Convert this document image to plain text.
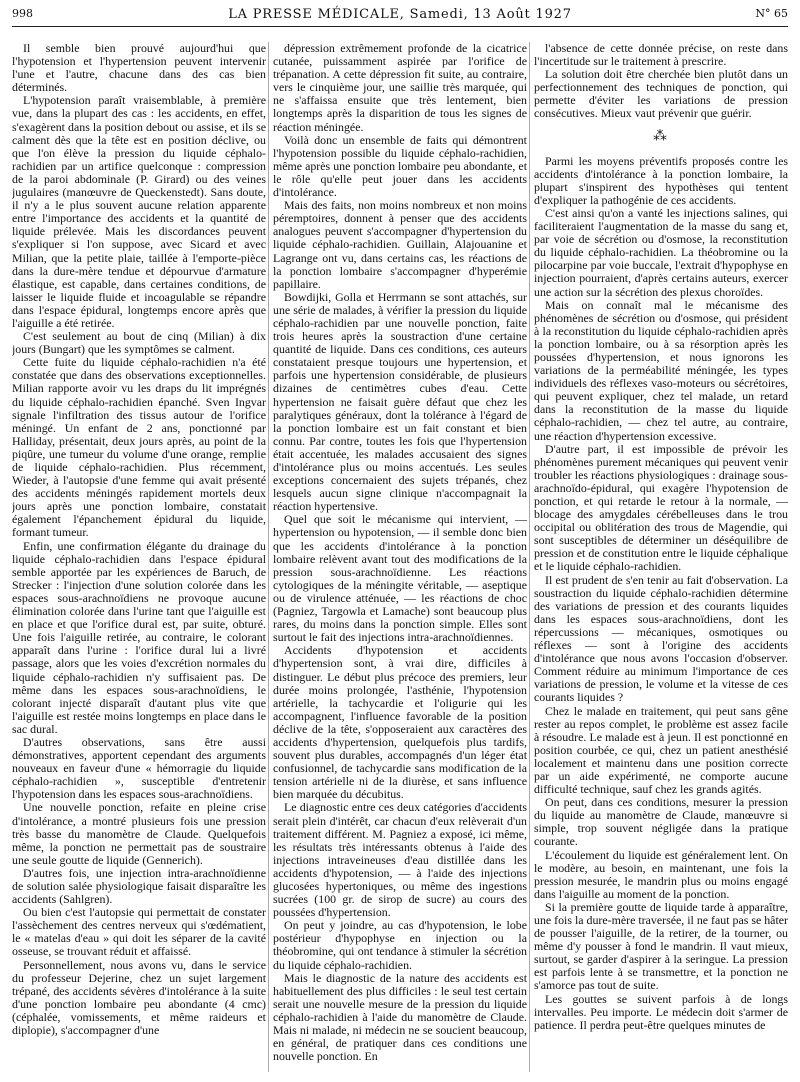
998	LA PRESSE MÉDICALE, Samedi, 13 Août 1927	N° 65

Il semble bien prouvé aujourd'hui que l'hypotension et l'hypertension peuvent intervenir l'une et l'autre, chacune dans des cas bien déterminés.

L'hypotension paraît vraisemblable, à première vue, dans la plupart des cas : les accidents, en effet, s'exagèrent dans la position debout ou assise, et ils se calment dès que la tête est en position déclive, ou que l'on élève la pression du liquide céphalo-rachidien par un artifice quelconque : compression de la paroi abdominale (P. Girard) ou des veines jugulaires (manœuvre de Queckenstedt). Sans doute, il n'y a le plus souvent aucune relation apparente entre l'importance des accidents et la quantité de liquide prélevée. Mais les discordances peuvent s'expliquer si l'on suppose, avec Sicard et avec Milian, que la petite plaie, taillée à l'emporte-pièce dans la dure-mère tendue et dépourvue d'armature élastique, est capable, dans certaines conditions, de laisser le liquide fluide et incoagulable se répandre dans l'espace épidural, longtemps encore après que l'aiguille a été retirée.

C'est seulement au bout de cinq (Milian) à dix jours (Bungart) que les symptômes se calment.

Cette fuite du liquide céphalo-rachidien n'a été constatée que dans des observations exceptionnelles. Milian rapporte avoir vu les draps du lit imprégnés du liquide céphalo-rachidien épanché. Sven Ingvar signale l'infiltration des tissus autour de l'orifice méningé. Un enfant de 2 ans, ponctionné par Halliday, présentait, deux jours après, au point de la piqûre, une tumeur du volume d'une orange, remplie de liquide céphalo-rachidien. Plus récemment, Wieder, à l'autopsie d'une femme qui avait présenté des accidents méningés rapidement mortels deux jours après une ponction lombaire, constatait également l'épanchement épidural du liquide, formant tumeur.

Enfin, une confirmation élégante du drainage du liquide céphalo-rachidien dans l'espace épidural semble apportée par les expériences de Baruch, de Strecker : l'injection d'une solution colorée dans les espaces sous-arachnoïdiens ne provoque aucune élimination colorée dans l'urine tant que l'aiguille est en place et que l'orifice dural est, par suite, obturé. Une fois l'aiguille retirée, au contraire, le colorant apparaît dans l'urine : l'orifice dural lui a livré passage, alors que les voies d'excrétion normales du liquide céphalo-rachidien n'y suffisaient pas. De même dans les espaces sous-arachnoïdiens, le colorant injecté disparaît d'autant plus vite que l'aiguille est restée moins longtemps en place dans le sac dural.

D'autres observations, sans être aussi démonstratives, apportent cependant des arguments nouveaux en faveur d'une « hémorragie du liquide céphalo-rachidien », susceptible d'entretenir l'hypotension dans les espaces sous-arachnoïdiens.

Une nouvelle ponction, refaite en pleine crise d'intolérance, a montré plusieurs fois une pression très basse du manomètre de Claude. Quelquefois même, la ponction ne permettait pas de soustraire une seule goutte de liquide (Gennerich).

D'autres fois, une injection intra-arachnoïdienne de solution salée physiologique faisait disparaître les accidents (Sahlgren).

Ou bien c'est l'autopsie qui permettait de constater l'assèchement des centres nerveux qui s'œdématient, le « matelas d'eau » qui doit les séparer de la cavité osseuse, se trouvant réduit et affaissé.

Personnellement, nous avons vu, dans le service du professeur Dejerine, chez un sujet largement trépané, des accidents sévères d'intolérance à la suite d'une ponction lombaire peu abondante (4 cmc) (céphalée, vomissements, et même raideurs et diplopie), s'accompagner d'une

dépression extrêmement profonde de la cicatrice cutanée, puissamment aspirée par l'orifice de trépanation. A cette dépression fit suite, au contraire, vers le cinquième jour, une saillie très marquée, qui ne s'affaissa ensuite que très lentement, bien longtemps après la disparition de tous les signes de réaction méningée.

Voilà donc un ensemble de faits qui démontrent l'hypotension possible du liquide céphalo-rachidien, même après une ponction lombaire peu abondante, et le rôle qu'elle peut jouer dans les accidents d'intolérance.

Mais des faits, non moins nombreux et non moins péremptoires, donnent à penser que des accidents analogues peuvent s'accompagner d'hypertension du liquide céphalo-rachidien. Guillain, Alajouanine et Lagrange ont vu, dans certains cas, les réactions de la ponction lombaire s'accompagner d'hyperémie papillaire.

Bowdijki, Golla et Herrmann se sont attachés, sur une série de malades, à vérifier la pression du liquide céphalo-rachidien par une nouvelle ponction, faite trois heures après la soustraction d'une certaine quantité de liquide. Dans ces conditions, ces auteurs constataient presque toujours une hypertension, et parfois une hypertension considérable, de plusieurs dizaines de centimètres cubes d'eau. Cette hypertension ne faisait guère défaut que chez les paralytiques généraux, dont la tolérance à l'égard de la ponction lombaire est un fait constant et bien connu. Par contre, toutes les fois que l'hypertension était accentuée, les malades accusaient des signes d'intolérance plus ou moins accentués. Les seules exceptions concernaient des sujets trépanés, chez lesquels aucun signe clinique n'accompagnait la réaction hypertensive.

Quel que soit le mécanisme qui intervient, — hypertension ou hypotension, — il semble donc bien que les accidents d'intolérance à la ponction lombaire relèvent avant tout des modifications de la pression sous-arachnoïdienne. Les réactions cytologiques de la méningite véritable, — aseptique ou de virulence atténuée, — les réactions de choc (Pagniez, Targowla et Lamache) sont beaucoup plus rares, du moins dans la ponction simple. Elles sont surtout le fait des injections intra-arachnoïdiennes.

Accidents d'hypotension et accidents d'hypertension sont, à vrai dire, difficiles à distinguer. Le début plus précoce des premiers, leur durée moins prolongée, l'asthénie, l'hypotension artérielle, la tachycardie et l'oligurie qui les accompagnent, l'influence favorable de la position déclive de la tête, s'opposeraient aux caractères des accidents d'hypertension, quelquefois plus tardifs, souvent plus durables, accompagnés d'un léger état confusionnel, de tachycardie sans modification de la tension artérielle ni de la diurèse, et sans influence bien marquée du décubitus.

Le diagnostic entre ces deux catégories d'accidents serait plein d'intérêt, car chacun d'eux relèverait d'un traitement différent. M. Pagniez a exposé, ici même, les résultats très intéressants obtenus à l'aide des injections intraveineuses d'eau distillée dans les accidents d'hypotension, — à l'aide des injections glucosées hypertoniques, ou même des ingestions sucrées (100 gr. de sirop de sucre) au cours des poussées d'hypertension.

On peut y joindre, au cas d'hypotension, le lobe postérieur d'hypophyse en injection ou la théobromine, qui ont tendance à stimuler la sécrétion du liquide céphalo-rachidien.

Mais le diagnostic de la nature des accidents est habituellement des plus difficiles : le seul test certain serait une nouvelle mesure de la pression du liquide céphalo-rachidien à l'aide du manomètre de Claude. Mais ni malade, ni médecin ne se soucient beaucoup, en général, de pratiquer dans ces conditions une nouvelle ponction. En

l'absence de cette donnée précise, on reste dans l'incertitude sur le traitement à prescrire.

La solution doit être cherchée bien plutôt dans un perfectionnement des techniques de ponction, qui permette d'éviter les variations de pression consécutives. Mieux vaut prévenir que guérir.

⁂

Parmi les moyens préventifs proposés contre les accidents d'intolérance à la ponction lombaire, la plupart s'inspirent des hypothèses qui tentent d'expliquer la pathogénie de ces accidents.

C'est ainsi qu'on a vanté les injections salines, qui faciliteraient l'augmentation de la masse du sang et, par voie de sécrétion ou d'osmose, la reconstitution du liquide céphalo-rachidien. La théobromine ou la pilocarpine par voie buccale, l'extrait d'hypophyse en injection pourraient, d'après certains auteurs, exercer une action sur la sécrétion des plexus choroïdes.

Mais on connaît mal le mécanisme des phénomènes de sécrétion ou d'osmose, qui président à la reconstitution du liquide céphalo-rachidien après la ponction lombaire, ou à sa résorption après les poussées d'hypertension, et nous ignorons les variations de la perméabilité méningée, les types individuels des réflexes vaso-moteurs ou sécrétoires, qui peuvent expliquer, chez tel malade, un retard dans la reconstitution de la masse du liquide céphalo-rachidien, — chez tel autre, au contraire, une réaction d'hypertension excessive.

D'autre part, il est impossible de prévoir les phénomènes purement mécaniques qui peuvent venir troubler les réactions physiologiques : drainage sous-arachnoïdo-épidural, qui exagère l'hypotension de ponction, et qui retarde le retour à la normale, — blocage des amygdales cérébelleuses dans le trou occipital ou oblitération des trous de Magendie, qui sont susceptibles de déterminer un déséquilibre de pression et de constitution entre le liquide céphalique et le liquide céphalo-rachidien.

Il est prudent de s'en tenir au fait d'observation. La soustraction du liquide céphalo-rachidien détermine des variations de pression et des courants liquides dans les espaces sous-arachnoïdiens, dont les répercussions — mécaniques, osmotiques ou réflexes — sont à l'origine des accidents d'intolérance que nous avons l'occasion d'observer. Comment réduire au minimum l'importance de ces variations de pression, le volume et la vitesse de ces courants liquides ?

Chez le malade en traitement, qui peut sans gêne rester au repos complet, le problème est assez facile à résoudre. Le malade est à jeun. Il est ponctionné en position courbée, ce qui, chez un patient anesthésié localement et maintenu dans une position correcte par un aide expérimenté, ne comporte aucune difficulté technique, sauf chez les grands agités.

On peut, dans ces conditions, mesurer la pression du liquide au manomètre de Claude, manœuvre si simple, trop souvent négligée dans la pratique courante.

L'écoulement du liquide est généralement lent. On le modère, au besoin, en maintenant, une fois la pression mesurée, le mandrin plus ou moins engagé dans l'aiguille au moment de la ponction.

Si la première goutte de liquide tarde à apparaître, une fois la dure-mère traversée, il ne faut pas se hâter de pousser l'aiguille, de la retirer, de la tourner, ou même d'y pousser à fond le mandrin. Il vaut mieux, surtout, se garder d'aspirer à la seringue. La pression est parfois lente à se transmettre, et la ponction ne s'amorce pas tout de suite.

Les gouttes se suivent parfois à de longs intervalles. Peu importe. Le médecin doit s'armer de patience. Il perdra peut-être quelques minutes de
